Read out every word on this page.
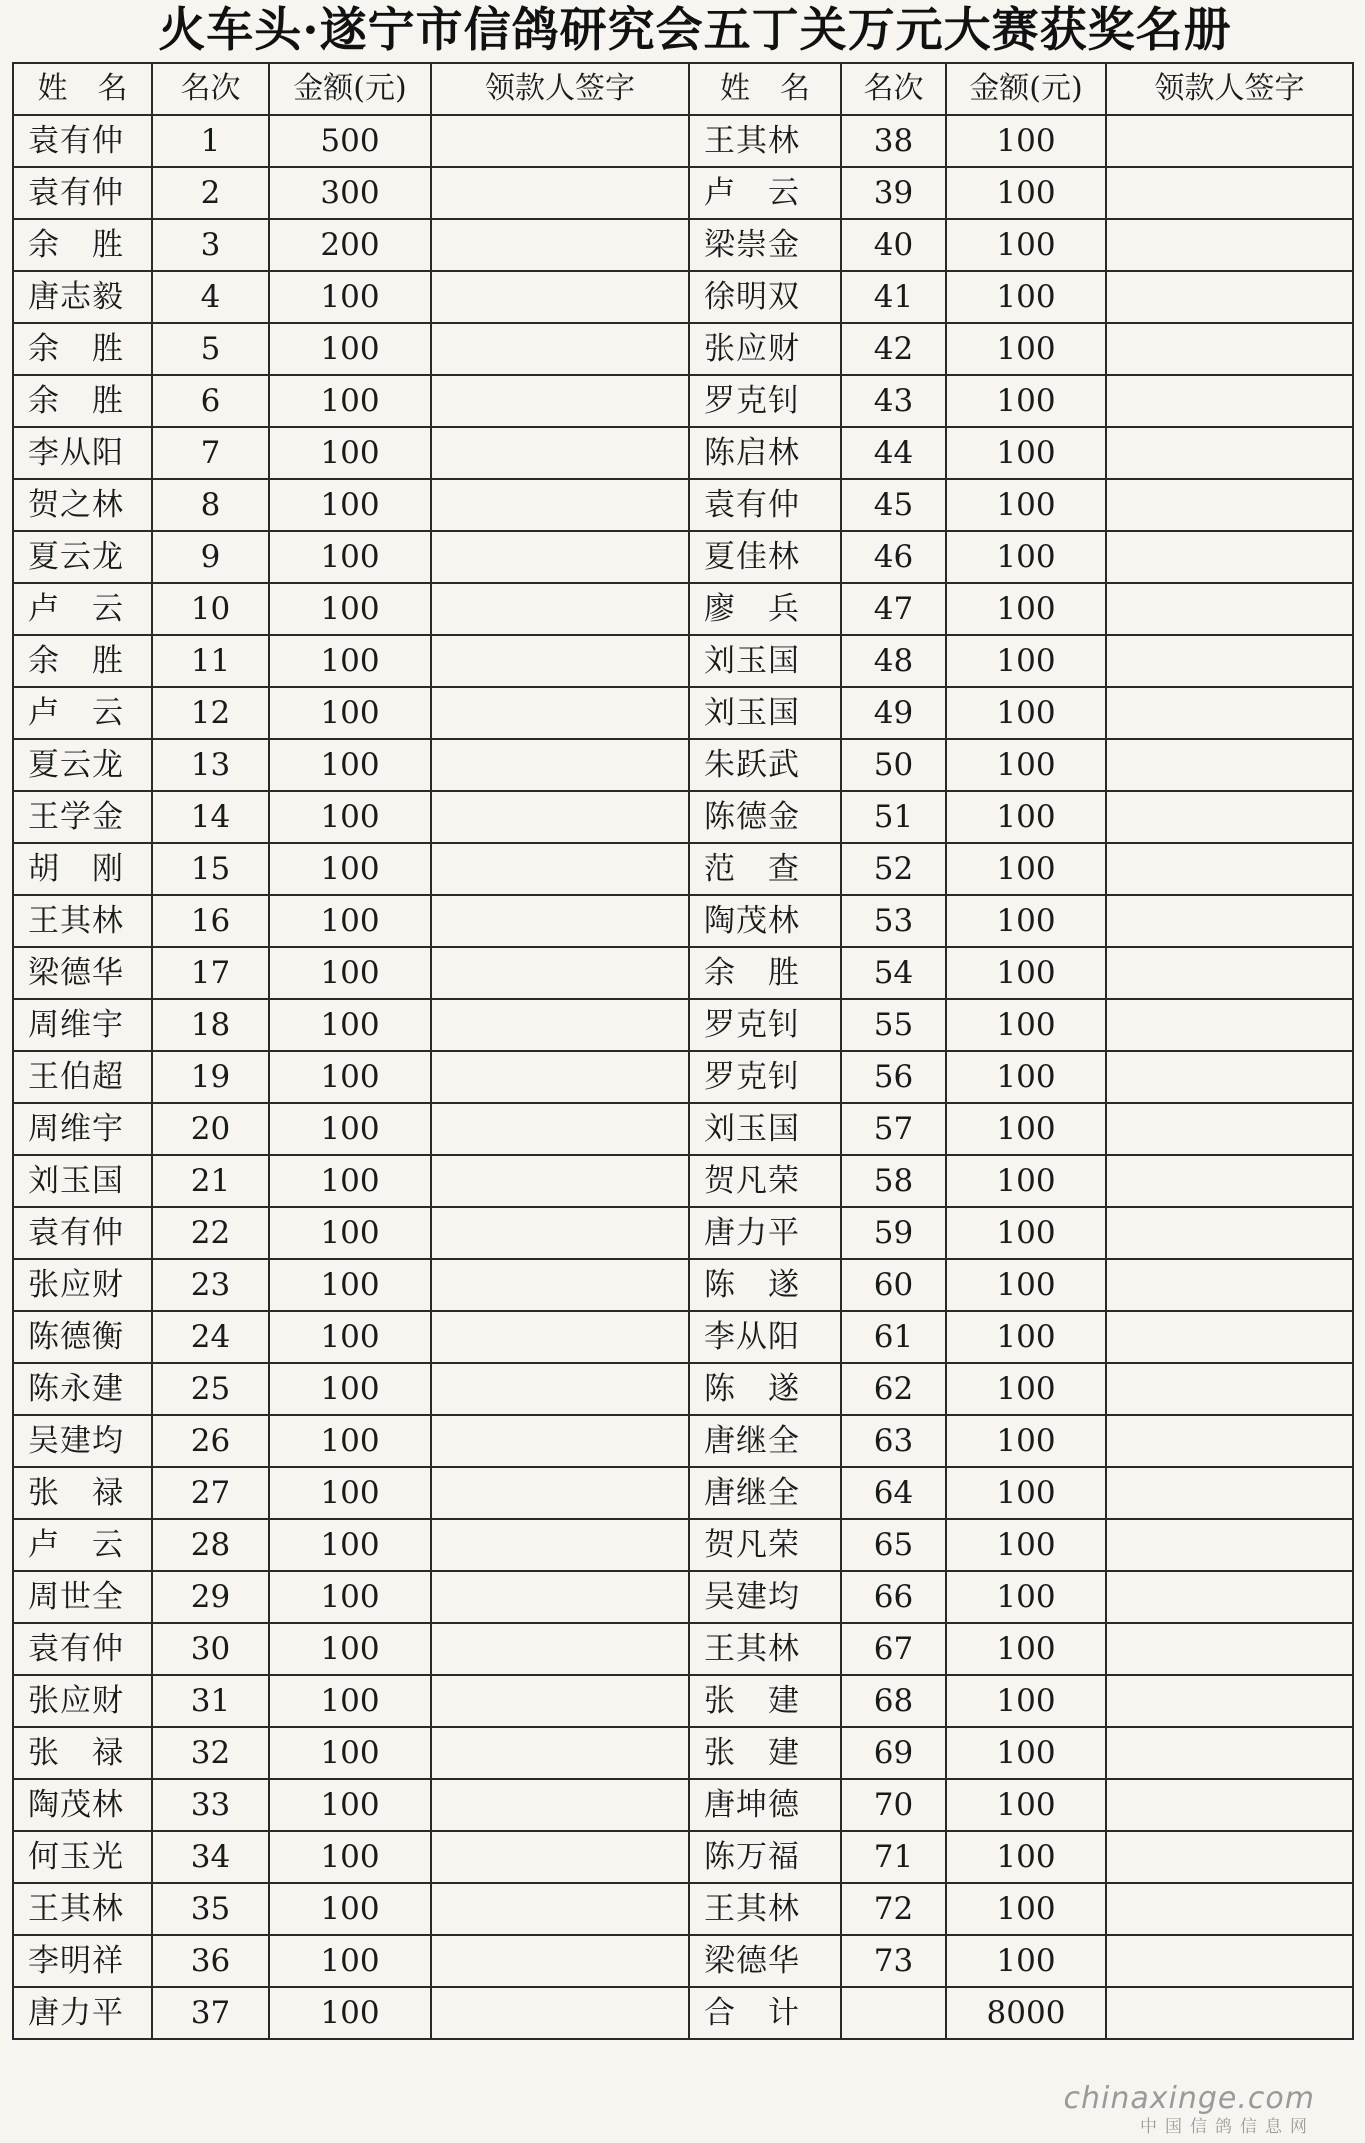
火车头·遂宁市信鸽研究会五丁关万元大赛获奖名册
姓　名	名次	金额(元)	领款人签字	姓　名	名次	金额(元)	领款人签字
袁有仲	1	500		王其林	38	100	
袁有仲	2	300		卢　云	39	100	
余　胜	3	200		梁崇金	40	100	
唐志毅	4	100		徐明双	41	100	
余　胜	5	100		张应财	42	100	
余　胜	6	100		罗克钊	43	100	
李从阳	7	100		陈启林	44	100	
贺之林	8	100		袁有仲	45	100	
夏云龙	9	100		夏佳林	46	100	
卢　云	10	100		廖　兵	47	100	
余　胜	11	100		刘玉国	48	100	
卢　云	12	100		刘玉国	49	100	
夏云龙	13	100		朱跃武	50	100	
王学金	14	100		陈德金	51	100	
胡　刚	15	100		范　查	52	100	
王其林	16	100		陶茂林	53	100	
梁德华	17	100		余　胜	54	100	
周维宇	18	100		罗克钊	55	100	
王伯超	19	100		罗克钊	56	100	
周维宇	20	100		刘玉国	57	100	
刘玉国	21	100		贺凡荣	58	100	
袁有仲	22	100		唐力平	59	100	
张应财	23	100		陈　遂	60	100	
陈德衡	24	100		李从阳	61	100	
陈永建	25	100		陈　遂	62	100	
吴建均	26	100		唐继全	63	100	
张　禄	27	100		唐继全	64	100	
卢　云	28	100		贺凡荣	65	100	
周世全	29	100		吴建均	66	100	
袁有仲	30	100		王其林	67	100	
张应财	31	100		张　建	68	100	
张　禄	32	100		张　建	69	100	
陶茂林	33	100		唐坤德	70	100	
何玉光	34	100		陈万福	71	100	
王其林	35	100		王其林	72	100	
李明祥	36	100		梁德华	73	100	
唐力平	37	100		合　计		8000	
chinaxinge.com
中国信鸽信息网
